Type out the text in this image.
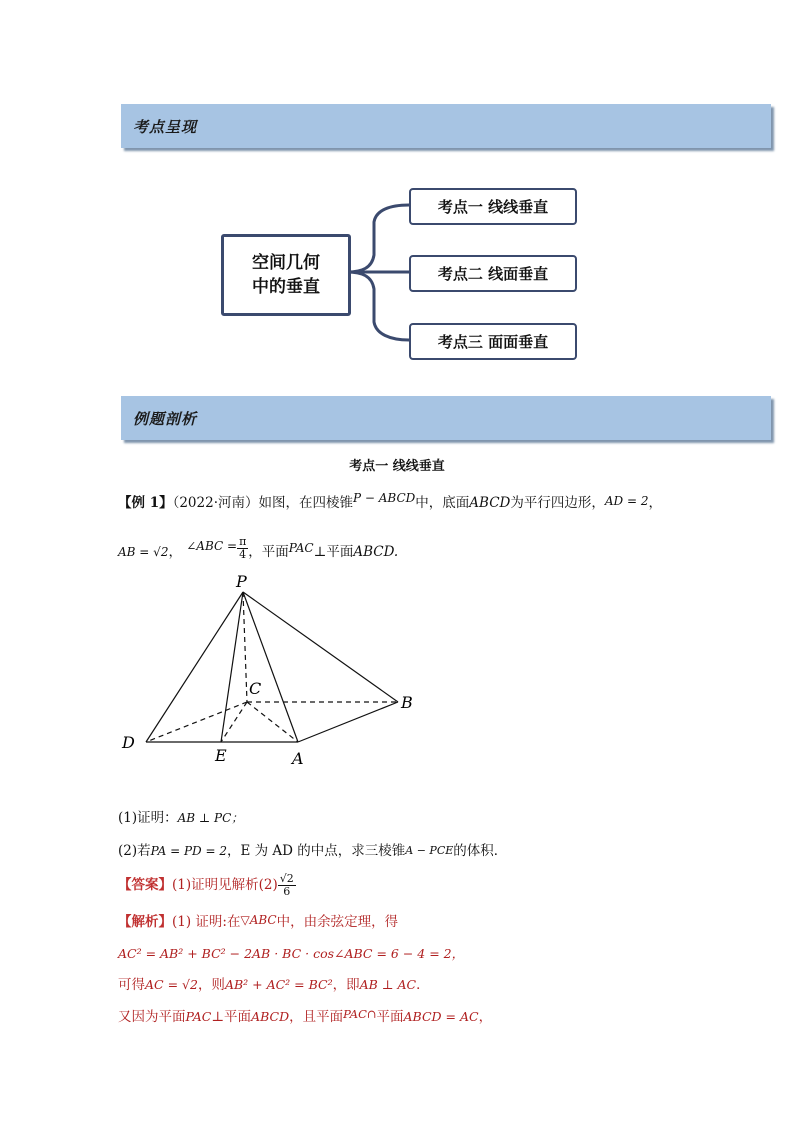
考点呈现
空间几何
中的垂直
考点一 线线垂直
考点二 线面垂直
考点三 面面垂直
例题剖析
考点一 线线垂直
【例 1】（2022·河南）如图，在四棱锥P − ABCD中，底面ABCD为平行四边形，AD = 2，
AB = √2， ∠ABC = $\frac{\pi}{4}$ ，平面PAC⊥平面ABCD.
P
C
B
D
E	A
(1)证明：AB ⊥ PC；
(2)若PA = PD = 2，E 为 AD 的中点，求三棱锥A − PCE的体积．
【答案】(1)证明见解析$(2) \frac{√2}{6}$
【解析】(1) 证明:在▽ABC中，由余弦定理，得
AC² = AB² + BC² − 2AB · BC · cos∠ABC = 6 − 4 = 2，
可得AC = √2，则AB² + AC² = BC²，即AB ⊥ AC．
又因为平面PAC⊥平面ABCD，且平面PAC∩平面ABCD = AC，
